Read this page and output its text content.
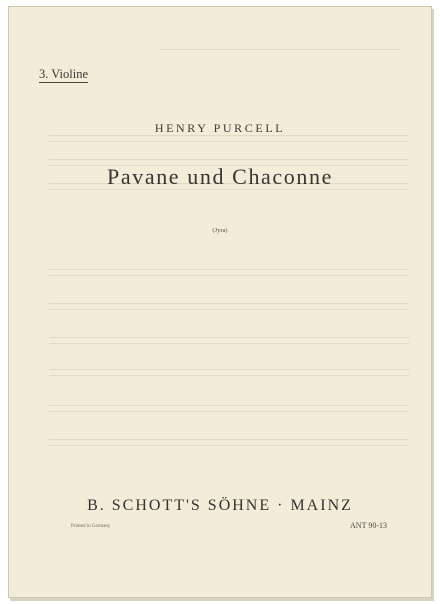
3. Violine
HENRY PURCELL
Pavane und Chaconne
(Jyra)
B. SCHOTT'S SÖHNE · MAINZ
Printed in Germany	ANT 90-13
